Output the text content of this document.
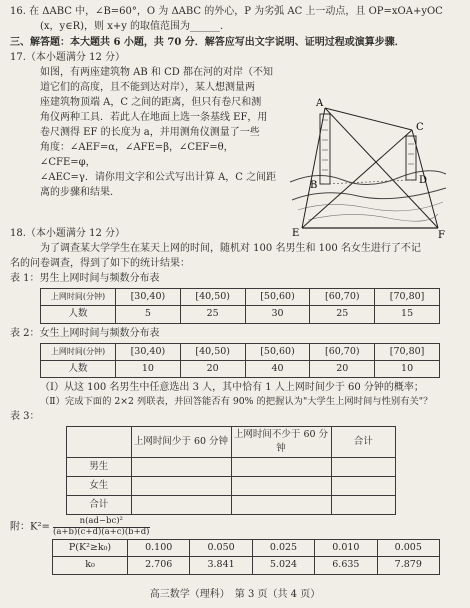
16. 在 ΔABC 中，∠B=60°，O 为 ΔABC 的外心，P 为劣弧 AC 上一动点，且 OP=xOA+yOC
(x，y∈R)，则 x+y 的取值范围为______.
三、解答题：本大题共 6 小题，共 70 分．解答应写出文字说明、证明过程或演算步骤．
17.（本小题满分 12 分）
如图，有两座建筑物 AB 和 CD 都在河的对岸（不知
道它们的高度，且不能到达对岸），某人想测量两
座建筑物顶端 A，C 之间的距离，但只有卷尺和测
角仪两种工具．若此人在地面上选一条基线 EF，用
卷尺测得 EF 的长度为 a，并用测角仪测量了一些
角度：∠AEF=α，∠AFE=β，∠CEF=θ，∠CFE=φ，
∠AEC=γ．请你用文字和公式写出计算 A，C 之间距
离的步骤和结果．
A
B
C
D
E	F
18.（本小题满分 12 分）
为了调查某大学学生在某天上网的时间，随机对 100 名男生和 100 名女生进行了不记
名的问卷调查，得到了如下的统计结果：
表 1：男生上网时间与频数分布表
上网时间(分钟)	[30,40)	[40,50)	[50,60)	[60,70)	[70,80]
人数	5	25	30	25	15
表 2：女生上网时间与频数分布表
上网时间(分钟)	[30,40)	[40,50)	[50,60)	[60,70)	[70,80]
人数	10	20	40	20	10
（Ⅰ）从这 100 名男生中任意选出 3 人，其中恰有 1 人上网时间少于 60 分钟的概率；
（Ⅱ）完成下面的 2×2 列联表，并回答能否有 90% 的把握认为"大学生上网时间与性别有关"？
表 3：
	上网时间少于 60 分钟	上网时间不少于 60 分钟	合计
男生			
女生			
合计			
附：$K^2= \frac{\text{n(ad−bc)²}}{(a+b)(c+d)(a+c)(b+d)}$
P(K²≥k₀)	0.100	0.050	0.025	0.010	0.005
k₀	2.706	3.841	5.024	6.635	7.879
高三数学（理科）　第 3 页（共 4 页）
